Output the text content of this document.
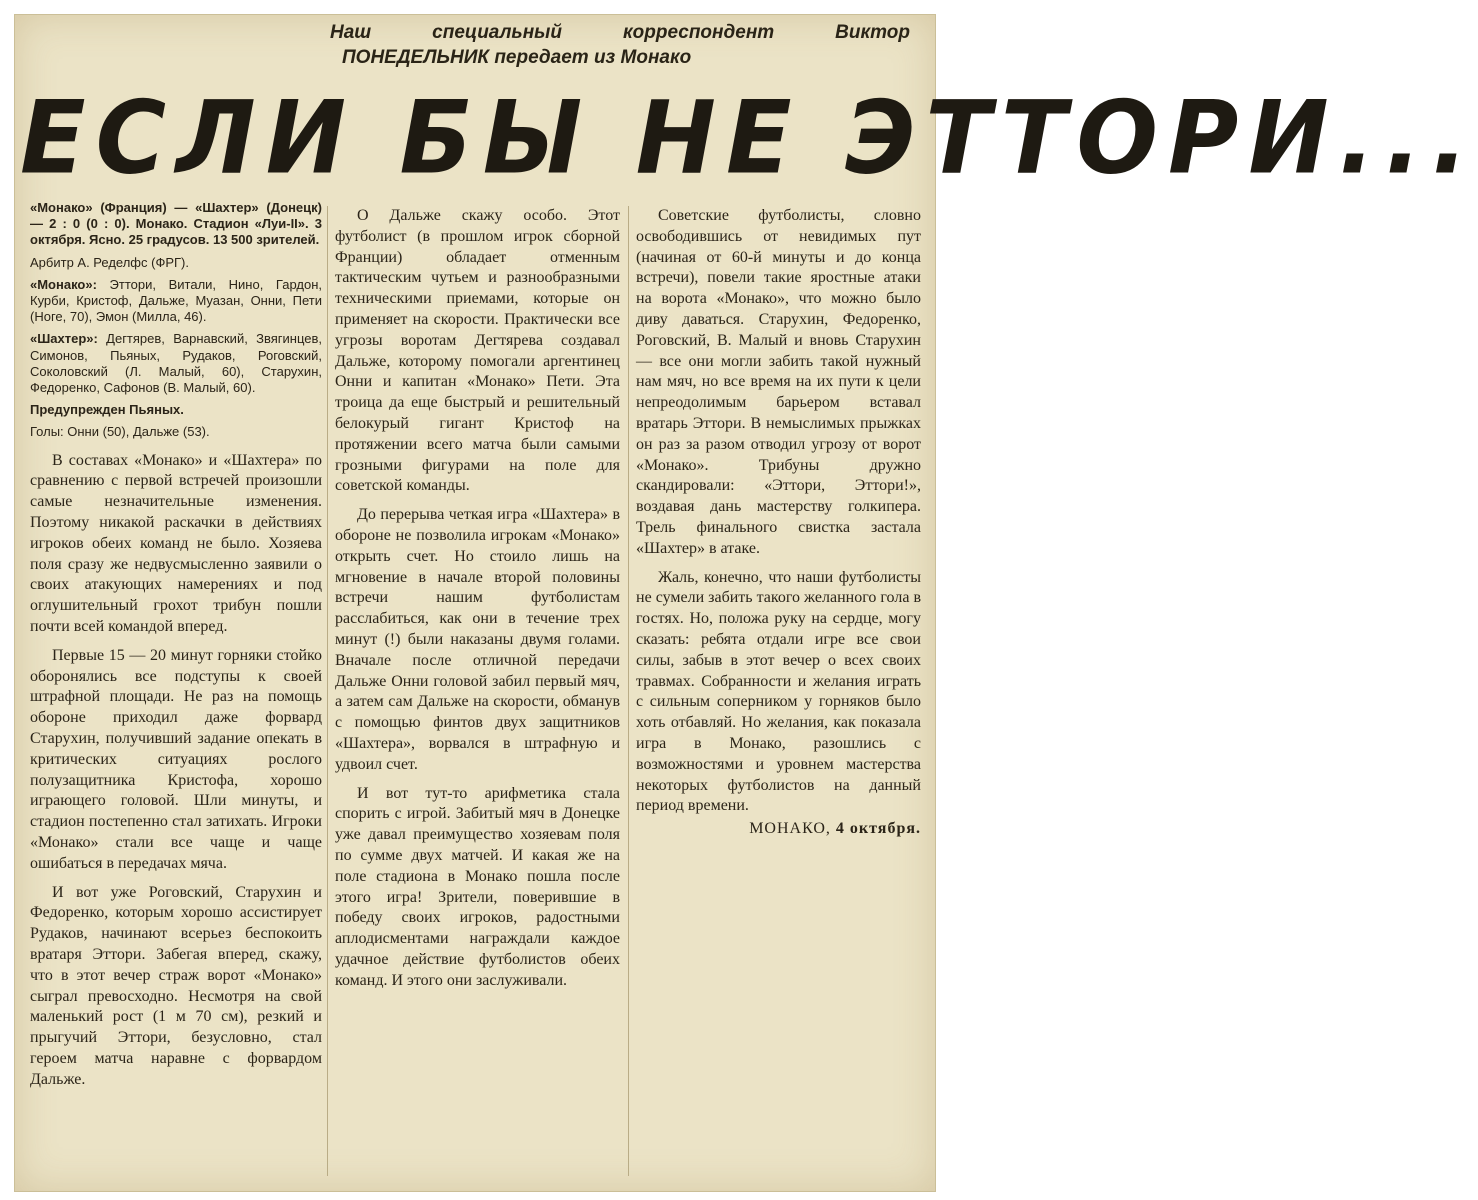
Наш специальный корреспондент Виктор
ПОНЕДЕЛЬНИК передает из Монако
ЕСЛИ БЫ НЕ ЭТТОРИ...
«Монако» (Франция) — «Шахтер» (Донецк) — 2 : 0 (0 : 0). Монако. Стадион «Луи-II». 3 октября. Ясно. 25 градусов. 13 500 зрителей.
Арбитр А. Ределфс (ФРГ).
«Монако»: Эттори, Витали, Нино, Гардон, Курби, Кристоф, Дальже, Муазан, Онни, Пети (Ноге, 70), Эмон (Милла, 46).
«Шахтер»: Дегтярев, Варнавский, Звягинцев, Симонов, Пьяных, Рудаков, Роговский, Соколовский (Л. Малый, 60), Старухин, Федоренко, Сафонов (В. Малый, 60).
Предупрежден Пьяных.
Голы: Онни (50), Дальже (53).

В составах «Монако» и «Шахтера» по сравнению с первой встречей произошли самые незначительные изменения. Поэтому никакой раскачки в действиях игроков обеих команд не было. Хозяева поля сразу же недвусмысленно заявили о своих атакующих намерениях и под оглушительный грохот трибун пошли почти всей командой вперед.

Первые 15 — 20 минут горняки стойко оборонялись все подступы к своей штрафной площади. Не раз на помощь обороне приходил даже форвард Старухин, получивший задание опекать в критических ситуациях рослого полузащитника Кристофа, хорошо играющего головой. Шли минуты, и стадион постепенно стал затихать. Игроки «Монако» стали все чаще и чаще ошибаться в передачах мяча.

И вот уже Роговский, Старухин и Федоренко, которым хорошо ассистирует Рудаков, начинают всерьез беспокоить вратаря Эттори. Забегая вперед, скажу, что в этот вечер страж ворот «Монако» сыграл превосходно. Несмотря на свой маленький рост (1 м 70 см), резкий и прыгучий Эттори, безусловно, стал героем матча наравне с форвардом Дальже.

О Дальже скажу особо. Этот футболист (в прошлом игрок сборной Франции) обладает отменным тактическим чутьем и разнообразными техническими приемами, которые он применяет на скорости. Практически все угрозы воротам Дегтярева создавал Дальже, которому помогали аргентинец Онни и капитан «Монако» Пети. Эта троица да еще быстрый и решительный белокурый гигант Кристоф на протяжении всего матча были самыми грозными фигурами на поле для советской команды.

До перерыва четкая игра «Шахтера» в обороне не позволила игрокам «Монако» открыть счет. Но стоило лишь на мгновение в начале второй половины встречи нашим футболистам расслабиться, как они в течение трех минут (!) были наказаны двумя голами. Вначале после отличной передачи Дальже Онни головой забил первый мяч, а затем сам Дальже на скорости, обманув с помощью финтов двух защитников «Шахтера», ворвался в штрафную и удвоил счет.

И вот тут-то арифметика стала спорить с игрой. Забитый мяч в Донецке уже давал преимущество хозяевам поля по сумме двух матчей. И какая же на поле стадиона в Монако пошла после этого игра! Зрители, поверившие в победу своих игроков, радостными аплодисментами награждали каждое удачное действие футболистов обеих команд. И этого они заслуживали.

Советские футболисты, словно освободившись от невидимых пут (начиная от 60-й минуты и до конца встречи), повели такие яростные атаки на ворота «Монако», что можно было диву даваться. Старухин, Федоренко, Роговский, В. Малый и вновь Старухин — все они могли забить такой нужный нам мяч, но все время на их пути к цели непреодолимым барьером вставал вратарь Эттори. В немыслимых прыжках он раз за разом отводил угрозу от ворот «Монако». Трибуны дружно скандировали: «Эттори, Эттори!», воздавая дань мастерству голкипера. Трель финального свистка застала «Шахтер» в атаке.

Жаль, конечно, что наши футболисты не сумели забить такого желанного гола в гостях. Но, положа руку на сердце, могу сказать: ребята отдали игре все свои силы, забыв в этот вечер о всех своих травмах. Собранности и желания играть с сильным соперником у горняков было хоть отбавляй. Но желания, как показала игра в Монако, разошлись с возможностями и уровнем мастерства некоторых футболистов на данный период времени.

МОНАКО, 4 октября.
